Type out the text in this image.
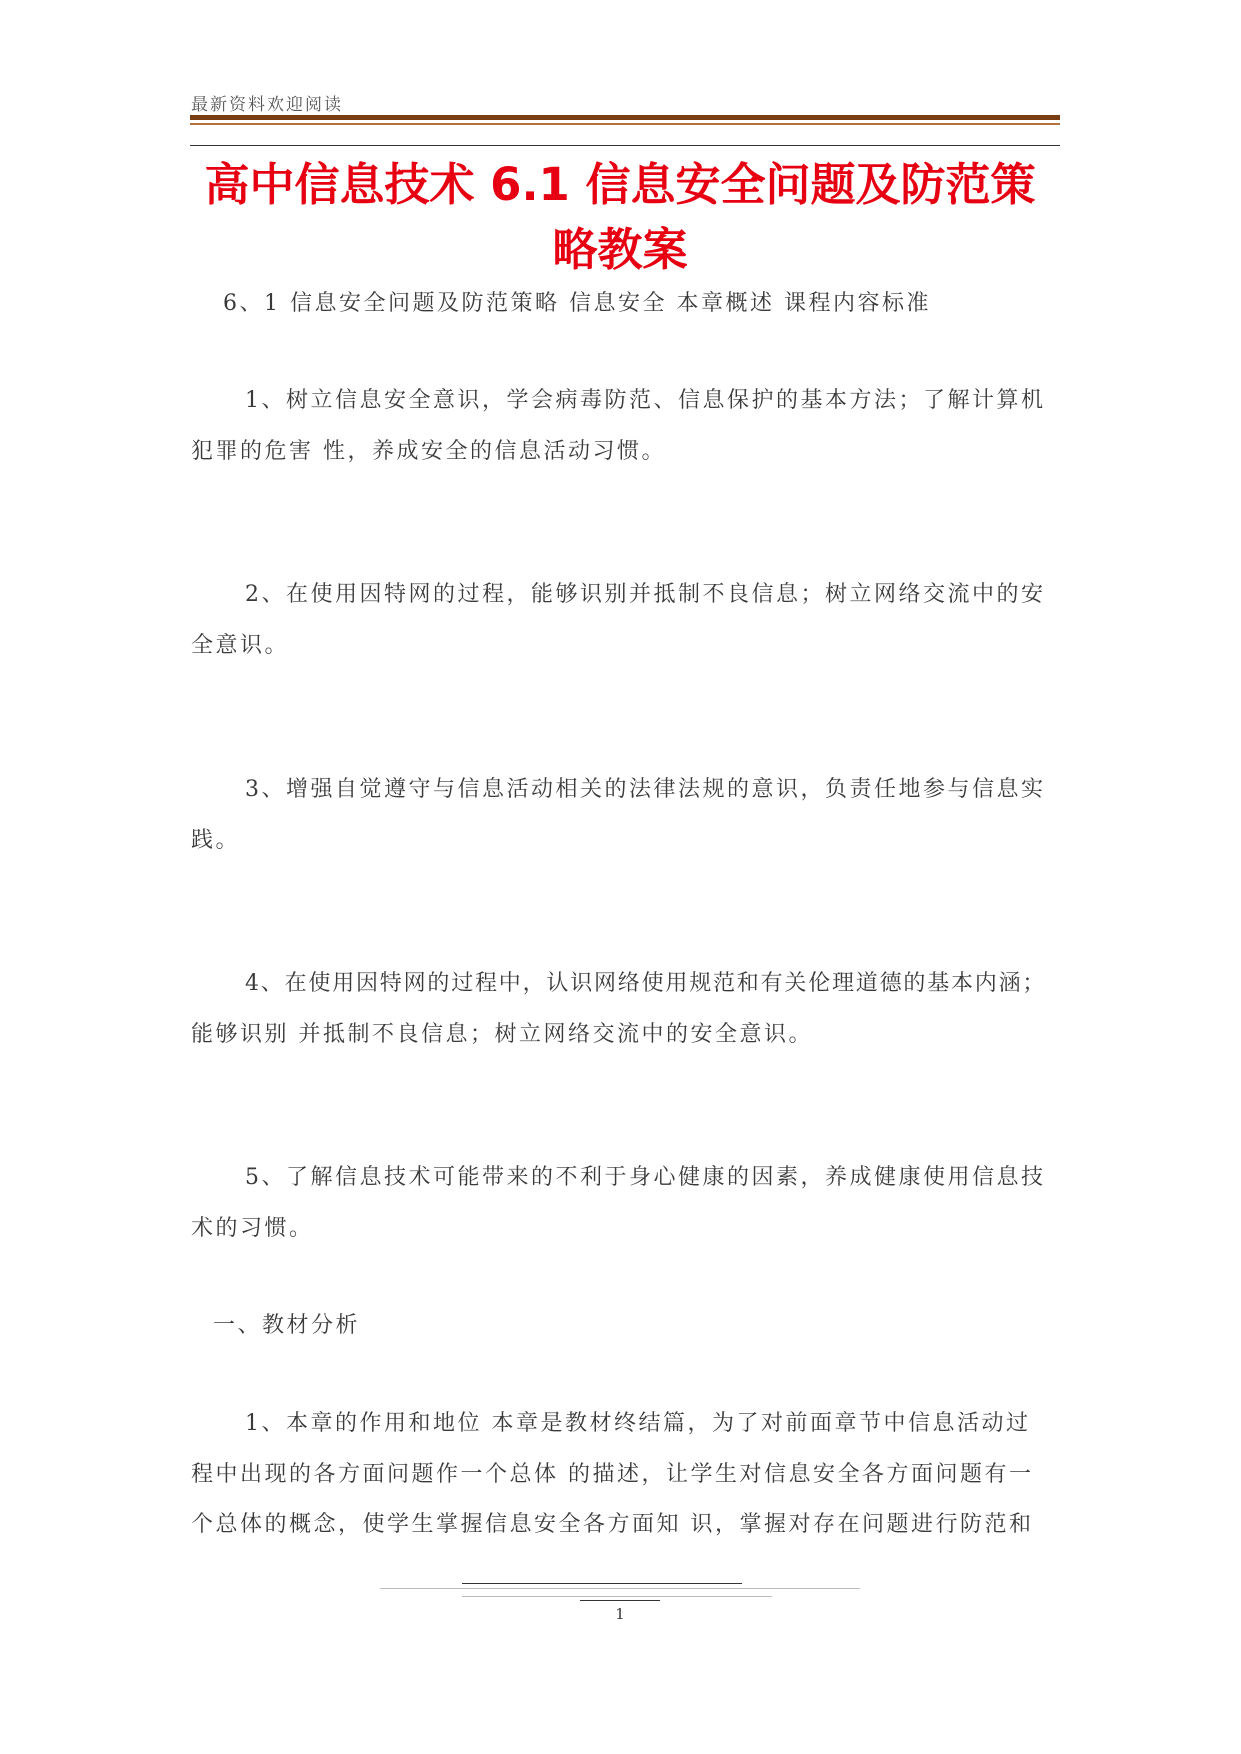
最新资料欢迎阅读
高中信息技术 6.1 信息安全问题及防范策
略教案

6、1 信息安全问题及防范策略 信息安全 本章概述 课程内容标准

1、树立信息安全意识，学会病毒防范、信息保护的基本方法；了解计算机

犯罪的危害 性，养成安全的信息活动习惯。

2、在使用因特网的过程，能够识别并抵制不良信息；树立网络交流中的安

全意识。

3、增强自觉遵守与信息活动相关的法律法规的意识，负责任地参与信息实

践。

4、在使用因特网的过程中，认识网络使用规范和有关伦理道德的基本内涵；

能够识别 并抵制不良信息；树立网络交流中的安全意识。

5、了解信息技术可能带来的不利于身心健康的因素，养成健康使用信息技

术的习惯。

一、教材分析

1、本章的作用和地位 本章是教材终结篇，为了对前面章节中信息活动过

程中出现的各方面问题作一个总体 的描述，让学生对信息安全各方面问题有一

个总体的概念，使学生掌握信息安全各方面知 识，掌握对存在问题进行防范和

1
